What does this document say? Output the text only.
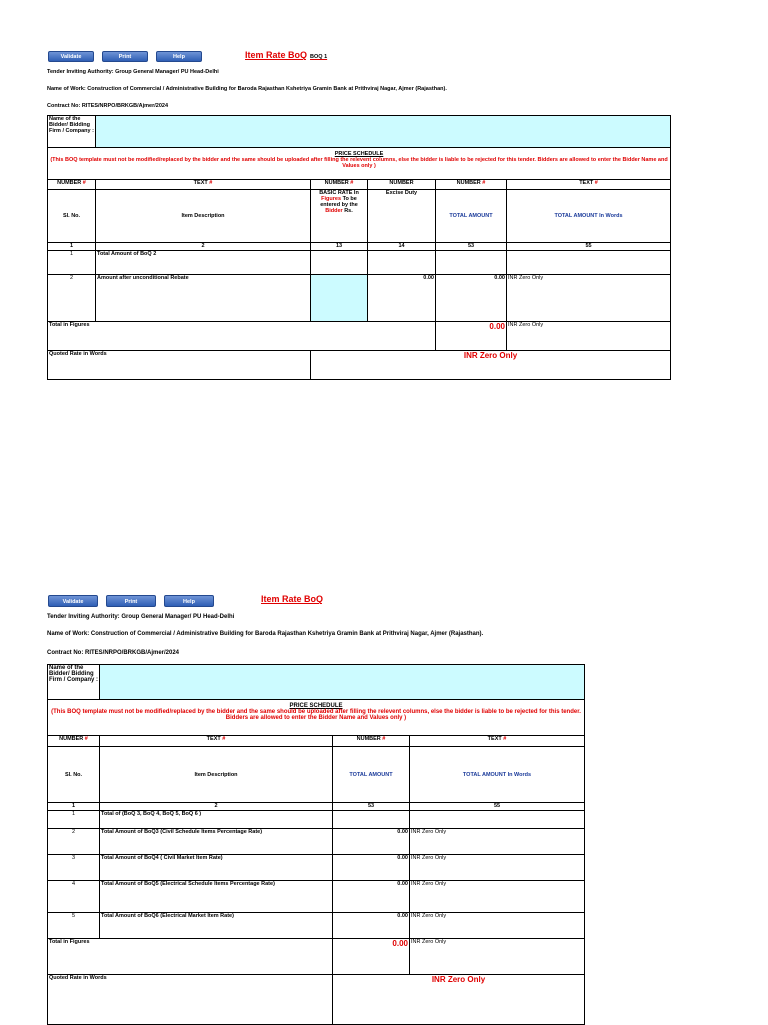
Validate	Print	Help	Item Rate BoQ BOQ 1
Tender Inviting Authority: Group General Manager/ PU Head-Delhi
Name of Work: Construction of Commercial / Administrative Building for Baroda Rajasthan Kshetriya Gramin Bank at Prithviraj Nagar, Ajmer (Rajasthan).
Contract No: RITES/NRPO/BRKGB/Ajmer/2024
Name of the Bidder/ Bidding Firm / Company :					

PRICE SCHEDULE
(This BOQ template must not be modified/replaced by the bidder and the same should be uploaded after filling the relevent columns, else the bidder is liable to be rejected for this tender. Bidders are allowed to enter the Bidder Name and Values only )					

NUMBER #	TEXT #	NUMBER #	NUMBER	NUMBER #	TEXT #
Sl. No.	Item Description	BASIC RATE In Figures To be entered by the Bidder Rs.	Excise Duty	TOTAL AMOUNT	TOTAL AMOUNT In Words
1	2	13	14	53	55
1	Total Amount of BoQ 2				
2	Amount after unconditional Rebate		0.00	0.00	INR Zero Only
Total in Figures				0.00	INR Zero Only
Quoted Rate in Words		INR Zero Only			
Validate	Print	Help	Item Rate BoQ
Tender Inviting Authority: Group General Manager/ PU Head-Delhi
Name of Work: Construction of Commercial / Administrative Building for Baroda Rajasthan Kshetriya Gramin Bank at Prithviraj Nagar, Ajmer (Rajasthan).
Contract No: RITES/NRPO/BRKGB/Ajmer/2024
Name of the Bidder/ Bidding Firm / Company :			

PRICE SCHEDULE
(This BOQ template must not be modified/replaced by the bidder and the same should be uploaded after filling the relevent columns, else the bidder is liable to be rejected for this tender. Bidders are allowed to enter the Bidder Name and Values only )			

NUMBER #	TEXT #	NUMBER #	TEXT #
Sl. No.	Item Description	TOTAL AMOUNT	TOTAL AMOUNT In Words
1	2	53	55
1	Total of (BoQ 3, BoQ 4, BoQ 5, BoQ 6 )		
2	Total Amount of BoQ3 (Civil Schedule Items Percentage Rate)	0.00	INR Zero Only
3	Total Amount of BoQ4 ( Civil Market Item Rate)	0.00	INR Zero Only
4	Total Amount of BoQ5 (Electrical Schedule Items Percentage Rate)	0.00	INR Zero Only
5	Total Amount of BoQ6 (Electrical Market Item Rate)	0.00	INR Zero Only
Total in Figures		0.00	INR Zero Only
Quoted Rate in Words		INR Zero Only	
